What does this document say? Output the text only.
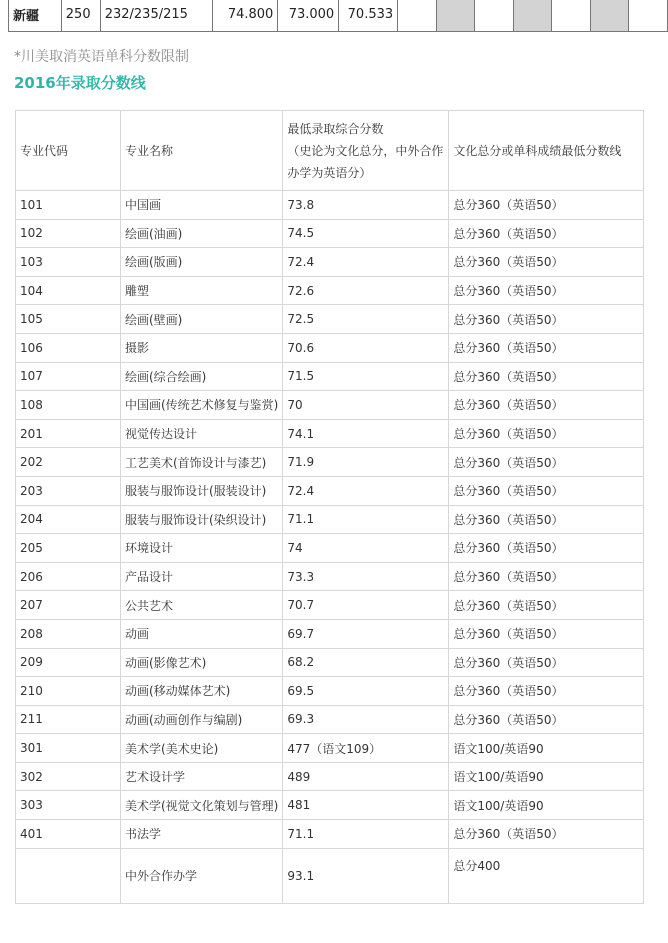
新疆	250	232/235/215	74.800	73.000	70.533							
*川美取消英语单科分数限制
2016年录取分数线
专业代码	专业名称	最低录取综合分数
（史论为文化总分，中外合作
办学为英语分）	文化总分或单科成绩最低分数线
101	中国画	73.8	总分360（英语50）
102	绘画(油画)	74.5	总分360（英语50）
103	绘画(版画)	72.4	总分360（英语50）
104	雕塑	72.6	总分360（英语50）
105	绘画(壁画)	72.5	总分360（英语50）
106	摄影	70.6	总分360（英语50）
107	绘画(综合绘画)	71.5	总分360（英语50）
108	中国画(传统艺术修复与鉴赏)	70	总分360（英语50）
201	视觉传达设计	74.1	总分360（英语50）
202	工艺美术(首饰设计与漆艺)	71.9	总分360（英语50）
203	服装与服饰设计(服装设计)	72.4	总分360（英语50）
204	服装与服饰设计(染织设计)	71.1	总分360（英语50）
205	环境设计	74	总分360（英语50）
206	产品设计	73.3	总分360（英语50）
207	公共艺术	70.7	总分360（英语50）
208	动画	69.7	总分360（英语50）
209	动画(影像艺术)	68.2	总分360（英语50）
210	动画(移动媒体艺术)	69.5	总分360（英语50）
211	动画(动画创作与编剧)	69.3	总分360（英语50）
301	美术学(美术史论)	477（语文109）	语文100/英语90
302	艺术设计学	489	语文100/英语90
303	美术学(视觉文化策划与管理)	481	语文100/英语90
401	书法学	71.1	总分360（英语50）
	中外合作办学	93.1	总分400
